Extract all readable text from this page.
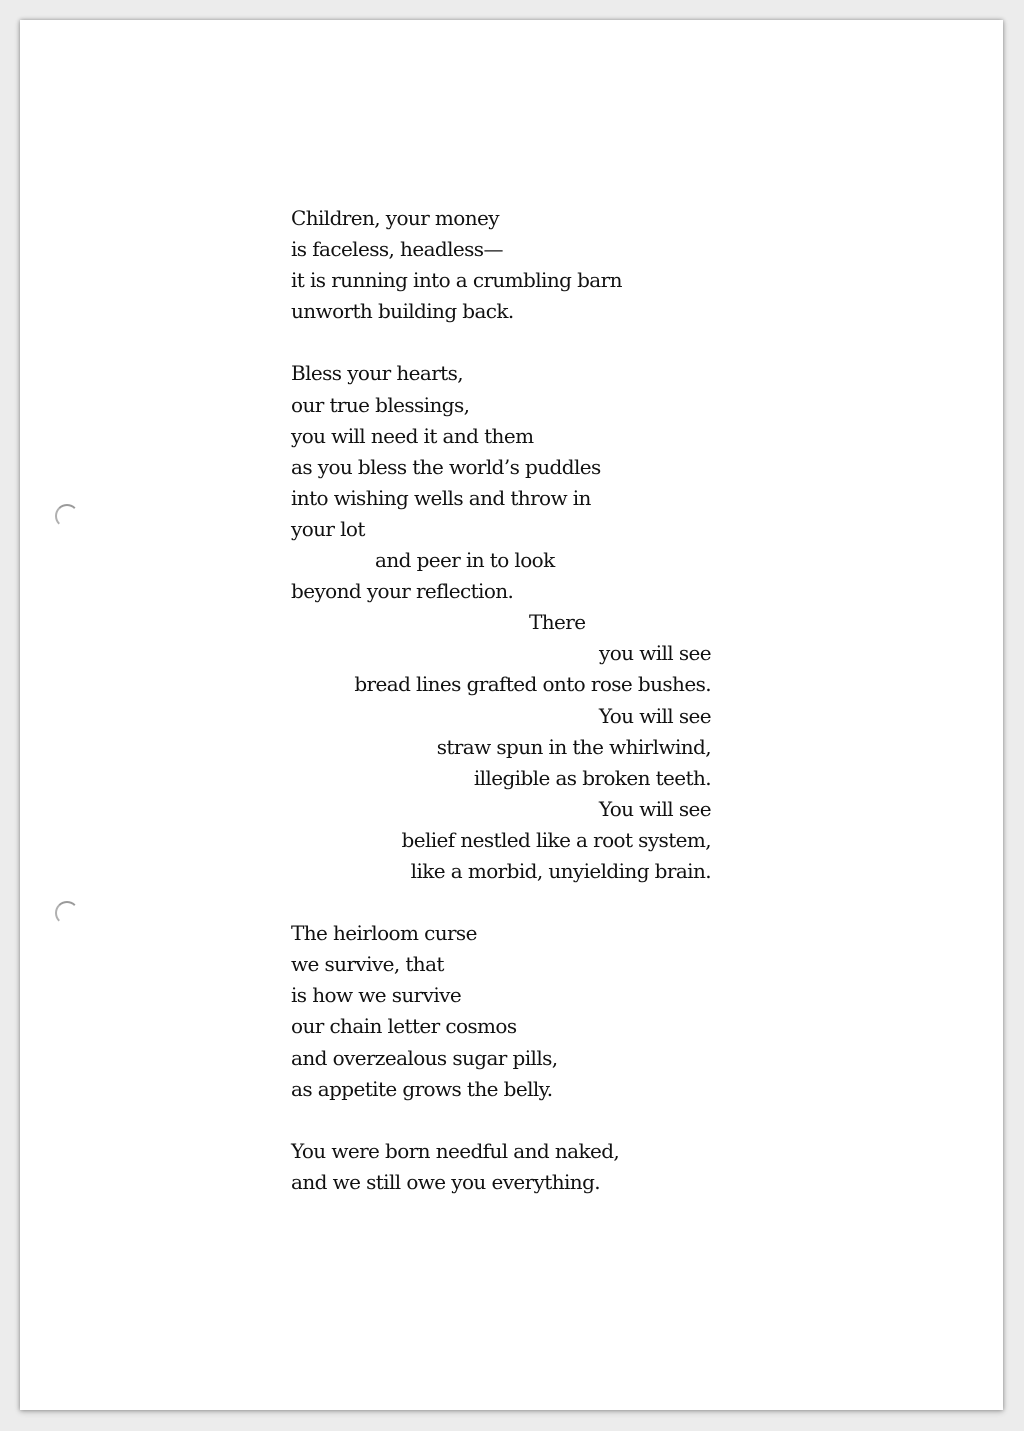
Children, your money
is faceless, headless—
it is running into a crumbling barn
unworth building back.
Bless your hearts,
our true blessings,
you will need it and them
as you bless the world’s puddles
into wishing wells and throw in
your lot
and peer in to look
beyond your reflection.
There
you will see
bread lines grafted onto rose bushes.
You will see
straw spun in the whirlwind,
illegible as broken teeth.
You will see
belief nestled like a root system,
like a morbid, unyielding brain.
The heirloom curse
we survive, that
is how we survive
our chain letter cosmos
and overzealous sugar pills,
as appetite grows the belly.
You were born needful and naked,
and we still owe you everything.
